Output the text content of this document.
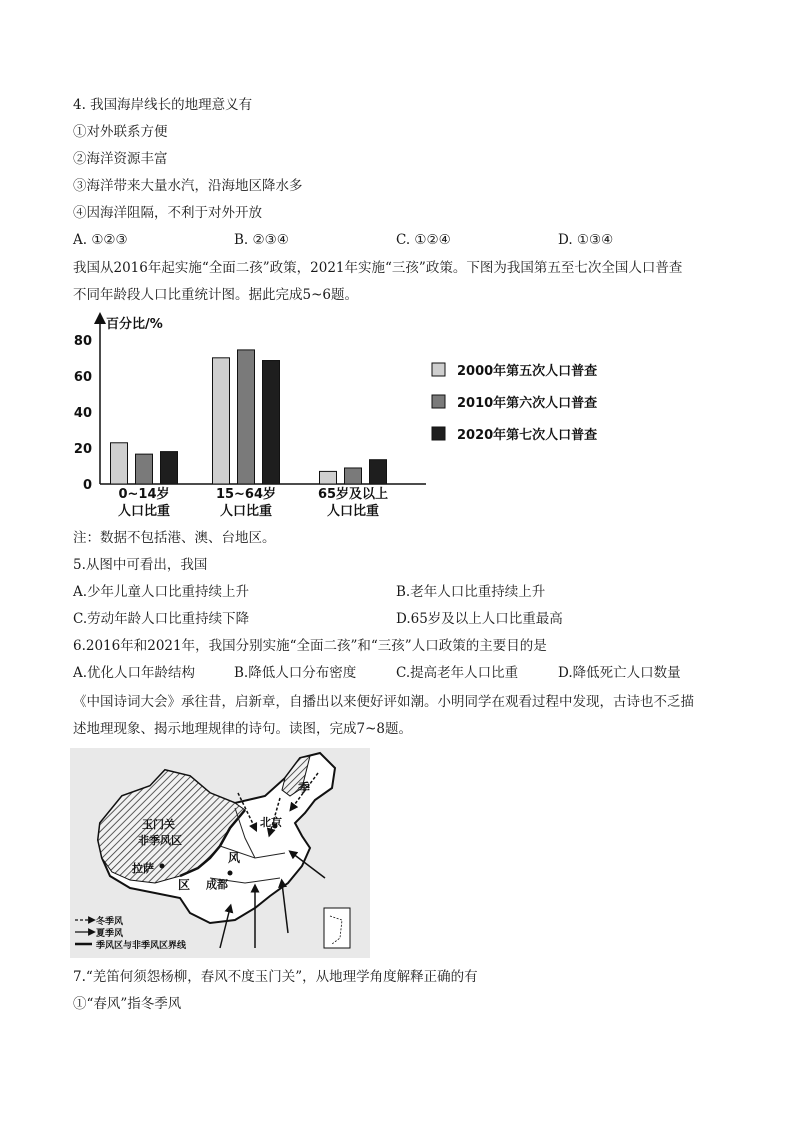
4. 我国海岸线长的地理意义有
①对外联系方便
②海洋资源丰富
③海洋带来大量水汽，沿海地区降水多
④因海洋阻隔，不利于对外开放
A. ①②③	B. ②③④	C. ①②④	D. ①③④
我国从2016年起实施“全面二孩”政策，2021年实施“三孩”政策。下图为我国第五至七次全国人口普查
不同年龄段人口比重统计图。据此完成5~6题。
百分比/%
0
20
40
60
80
0~14岁
人口比重
15~64岁
人口比重
65岁及以上
人口比重
2000年第五次人口普查
2010年第六次人口普查
2020年第七次人口普查
注：数据不包括港、澳、台地区。
5.从图中可看出，我国
A.少年儿童人口比重持续上升	B.老年人口比重持续上升
C.劳动年龄人口比重持续下降	D.65岁及以上人口比重最高
6.2016年和2021年，我国分别实施“全面二孩”和“三孩”人口政策的主要目的是
A.优化人口年龄结构	B.降低人口分布密度	C.提高老年人口比重	D.降低死亡人口数量
《中国诗词大会》承往昔，启新章，自播出以来便好评如潮。小明同学在观看过程中发现，古诗也不乏描
述地理现象、揭示地理规律的诗句。读图，完成7~8题。
季
玉门关
非季风区
北京
风
拉萨
区 成都
冬季风
夏季风
季风区与非季风区界线
7.“羌笛何须怨杨柳，春风不度玉门关”，从地理学角度解释正确的有
①“春风”指冬季风
